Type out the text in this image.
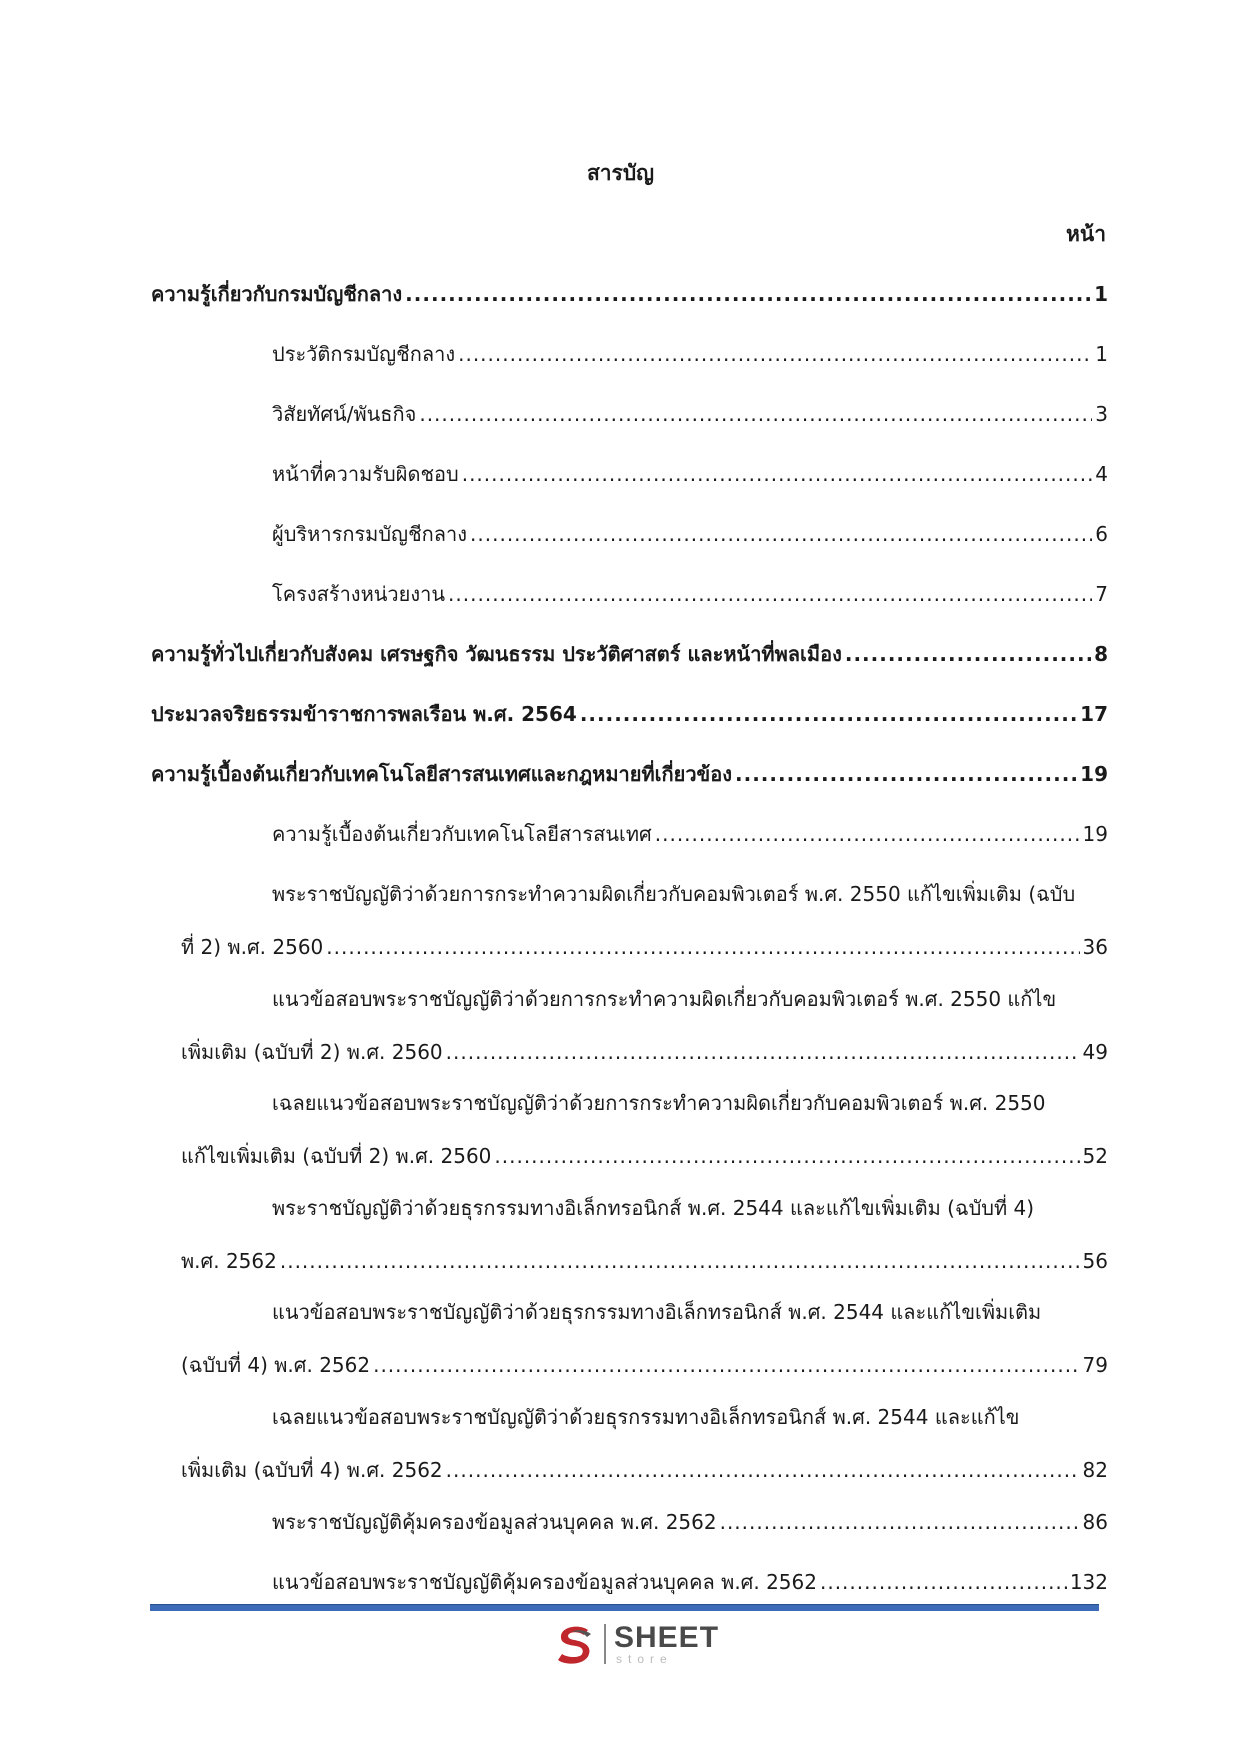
สารบัญ
หน้า
ความรู้เกี่ยวกับกรมบัญชีกลาง .....	1
ประวัติกรมบัญชีกลาง .....	1
วิสัยทัศน์/พันธกิจ .....	3
หน้าที่ความรับผิดชอบ .....	4
ผู้บริหารกรมบัญชีกลาง .....	6
โครงสร้างหน่วยงาน .....	7
ความรู้ทั่วไปเกี่ยวกับสังคม เศรษฐกิจ วัฒนธรรม ประวัติศาสตร์ และหน้าที่พลเมือง .....	8
ประมวลจริยธรรมข้าราชการพลเรือน พ.ศ. 2564 .....	17
ความรู้เบื้องต้นเกี่ยวกับเทคโนโลยีสารสนเทศและกฎหมายที่เกี่ยวข้อง .....	19
ความรู้เบื้องต้นเกี่ยวกับเทคโนโลยีสารสนเทศ .....	19
พระราชบัญญัติว่าด้วยการกระทำความผิดเกี่ยวกับคอมพิวเตอร์ พ.ศ. 2550 แก้ไขเพิ่มเติม (ฉบับ
ที่ 2) พ.ศ. 2560 .....	36
แนวข้อสอบพระราชบัญญัติว่าด้วยการกระทำความผิดเกี่ยวกับคอมพิวเตอร์ พ.ศ. 2550 แก้ไข
เพิ่มเติม (ฉบับที่ 2) พ.ศ. 2560 .....	49
เฉลยแนวข้อสอบพระราชบัญญัติว่าด้วยการกระทำความผิดเกี่ยวกับคอมพิวเตอร์ พ.ศ. 2550
แก้ไขเพิ่มเติม (ฉบับที่ 2) พ.ศ. 2560 .....	52
พระราชบัญญัติว่าด้วยธุรกรรมทางอิเล็กทรอนิกส์ พ.ศ. 2544 และแก้ไขเพิ่มเติม (ฉบับที่ 4)
พ.ศ. 2562 .....	56
แนวข้อสอบพระราชบัญญัติว่าด้วยธุรกรรมทางอิเล็กทรอนิกส์ พ.ศ. 2544 และแก้ไขเพิ่มเติม
(ฉบับที่ 4) พ.ศ. 2562 .....	79
เฉลยแนวข้อสอบพระราชบัญญัติว่าด้วยธุรกรรมทางอิเล็กทรอนิกส์ พ.ศ. 2544 และแก้ไข
เพิ่มเติม (ฉบับที่ 4) พ.ศ. 2562 .....	82
พระราชบัญญัติคุ้มครองข้อมูลส่วนบุคคล พ.ศ. 2562 .....	86
แนวข้อสอบพระราชบัญญัติคุ้มครองข้อมูลส่วนบุคคล พ.ศ. 2562 .....	132
SHEET
store
